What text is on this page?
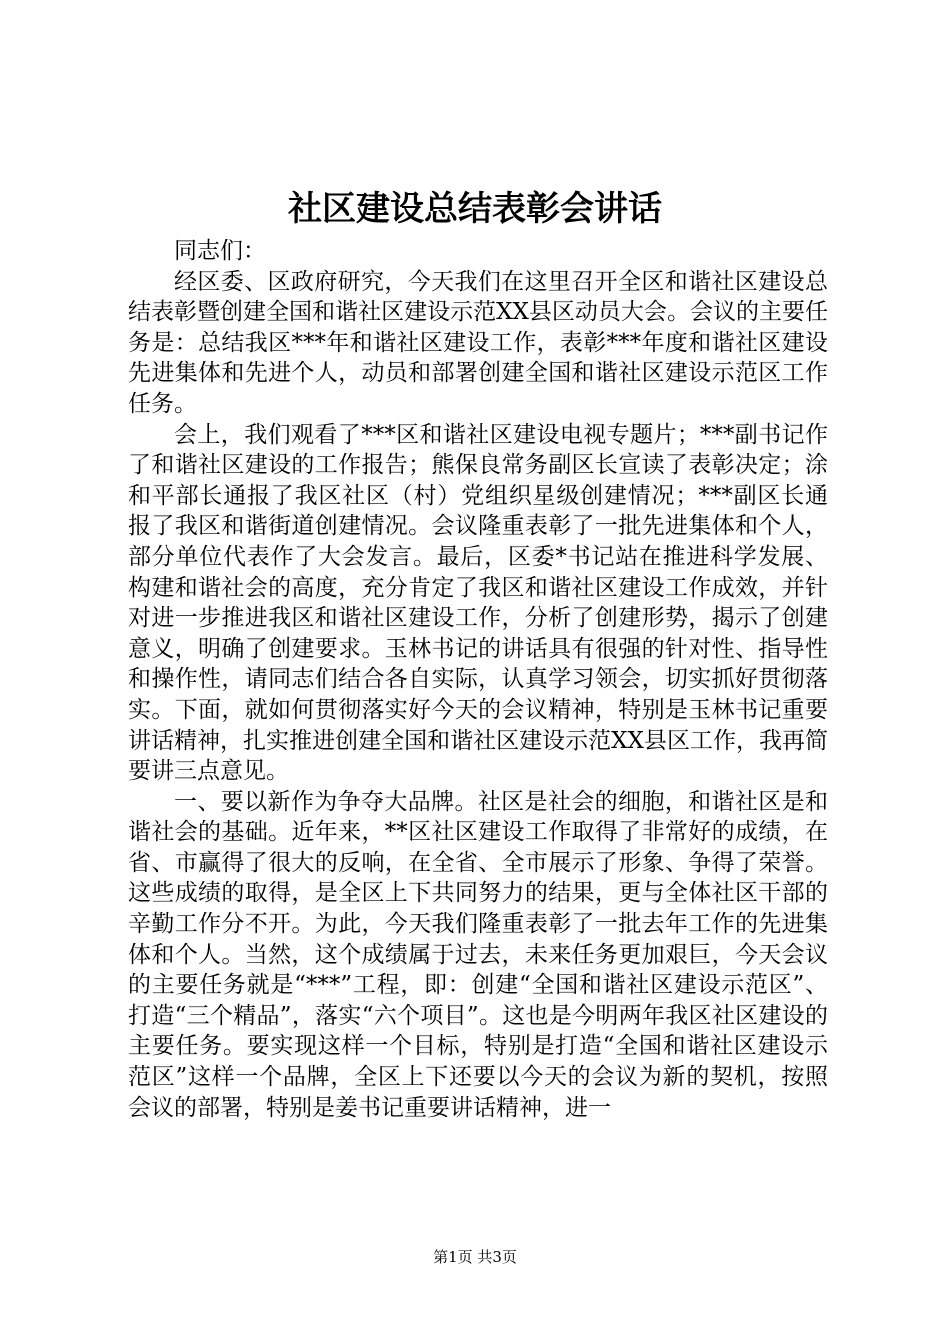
社区建设总结表彰会讲话

同志们：

经区委、区政府研究，今天我们在这里召开全区和谐社区建设总结表彰暨创建全国和谐社区建设示范XX县区动员大会。会议的主要任务是：总结我区***年和谐社区建设工作，表彰***年度和谐社区建设先进集体和先进个人，动员和部署创建全国和谐社区建设示范区工作任务。

会上，我们观看了***区和谐社区建设电视专题片；***副书记作了和谐社区建设的工作报告；熊保良常务副区长宣读了表彰决定；涂和平部长通报了我区社区（村）党组织星级创建情况；***副区长通报了我区和谐街道创建情况。会议隆重表彰了一批先进集体和个人，部分单位代表作了大会发言。最后，区委*书记站在推进科学发展、构建和谐社会的高度，充分肯定了我区和谐社区建设工作成效，并针对进一步推进我区和谐社区建设工作，分析了创建形势，揭示了创建意义，明确了创建要求。玉林书记的讲话具有很强的针对性、指导性和操作性，请同志们结合各自实际，认真学习领会，切实抓好贯彻落实。下面，就如何贯彻落实好今天的会议精神，特别是玉林书记重要讲话精神，扎实推进创建全国和谐社区建设示范XX县区工作，我再简要讲三点意见。

一、要以新作为争夺大品牌。社区是社会的细胞，和谐社区是和谐社会的基础。近年来，**区社区建设工作取得了非常好的成绩，在省、市赢得了很大的反响，在全省、全市展示了形象、争得了荣誉。这些成绩的取得，是全区上下共同努力的结果，更与全体社区干部的辛勤工作分不开。为此，今天我们隆重表彰了一批去年工作的先进集体和个人。当然，这个成绩属于过去，未来任务更加艰巨，今天会议的主要任务就是“***”工程，即：创建“全国和谐社区建设示范区”、打造“三个精品”，落实“六个项目”。这也是今明两年我区社区建设的主要任务。要实现这样一个目标，特别是打造“全国和谐社区建设示范区”这样一个品牌，全区上下还要以今天的会议为新的契机，按照会议的部署，特别是姜书记重要讲话精神，进一

第1页 共3页
